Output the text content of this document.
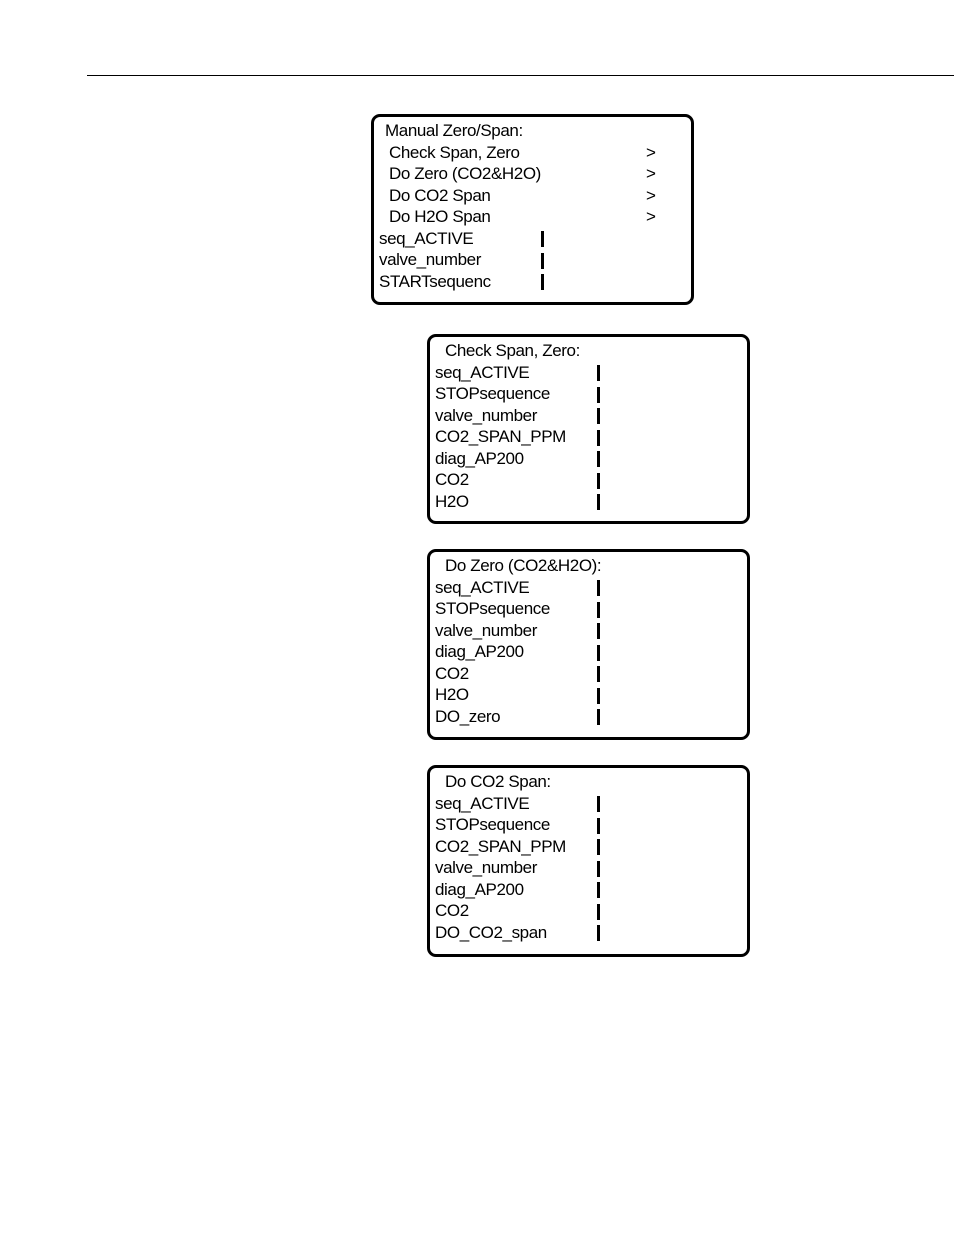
Manual Zero/Span:
Check Span, Zero	>
Do Zero (CO2&H2O)	>
Do CO2 Span	>
Do H2O Span	>
seq_ACTIVE
valve_number
STARTsequenc
Check Span, Zero:
seq_ACTIVE
STOPsequence
valve_number
CO2_SPAN_PPM
diag_AP200
CO2
H2O
Do Zero (CO2&H2O):
seq_ACTIVE
STOPsequence
valve_number
diag_AP200
CO2
H2O
DO_zero
Do CO2 Span:
seq_ACTIVE
STOPsequence
CO2_SPAN_PPM
valve_number
diag_AP200
CO2
DO_CO2_span
